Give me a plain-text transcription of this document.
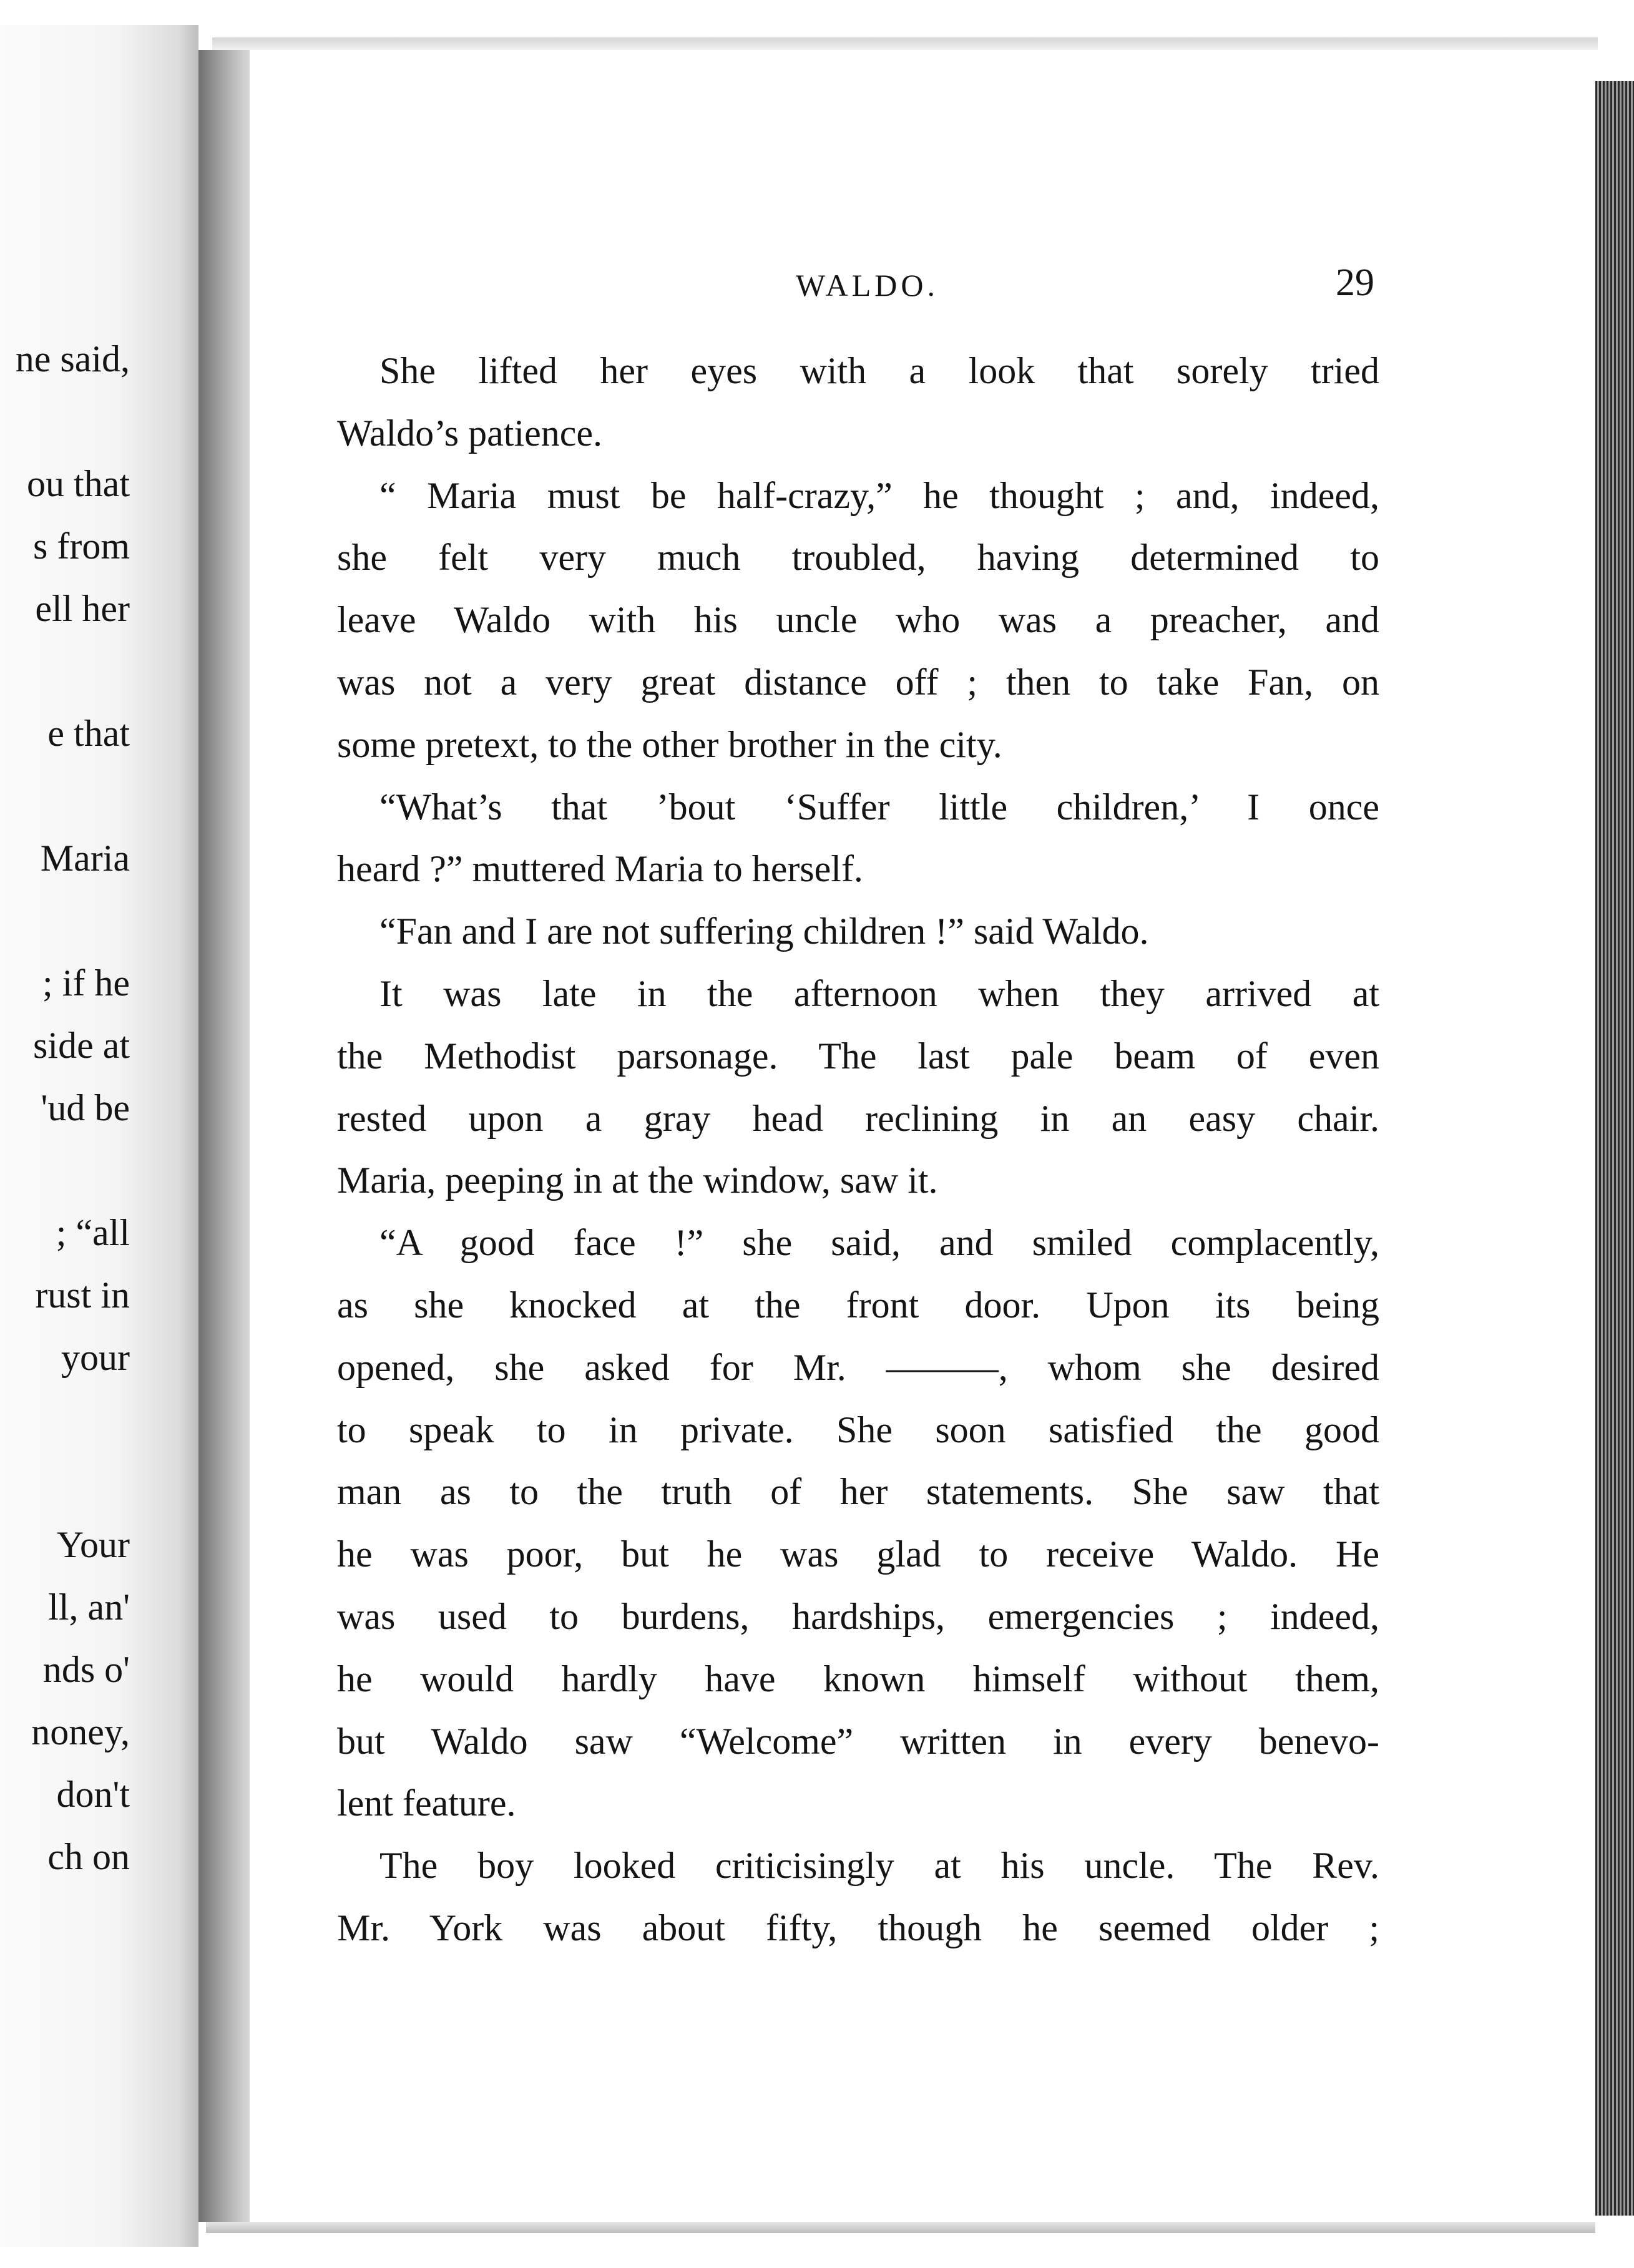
ne said,
ou that
s from
ell her
e that
Maria
; if he
side at
'ud be
; “all
rust in
your
Your
ll, an'
nds o'
noney,
don't
ch on
WALDO.	29
She lifted her eyes with a look that sorely tried
Waldo’s patience.
“ Maria must be half-crazy,” he thought ; and, indeed,
she felt very much troubled, having determined to
leave Waldo with his uncle who was a preacher, and
was not a very great distance off ; then to take Fan, on
some pretext, to the other brother in the city.
“What’s that ’bout ‘Suffer little children,’ I once
heard ?” muttered Maria to herself.
“Fan and I are not suffering children !” said Waldo.
It was late in the afternoon when they arrived at
the Methodist parsonage. The last pale beam of even
rested upon a gray head reclining in an easy chair.
Maria, peeping in at the window, saw it.
“A good face !” she said, and smiled complacently,
as she knocked at the front door. Upon its being
opened, she asked for Mr. ———, whom she desired
to speak to in private. She soon satisfied the good
man as to the truth of her statements. She saw that
he was poor, but he was glad to receive Waldo. He
was used to burdens, hardships, emergencies ; indeed,
he would hardly have known himself without them,
but Waldo saw “Welcome” written in every benevo-
lent feature.
The boy looked criticisingly at his uncle. The Rev.
Mr. York was about fifty, though he seemed older ;
